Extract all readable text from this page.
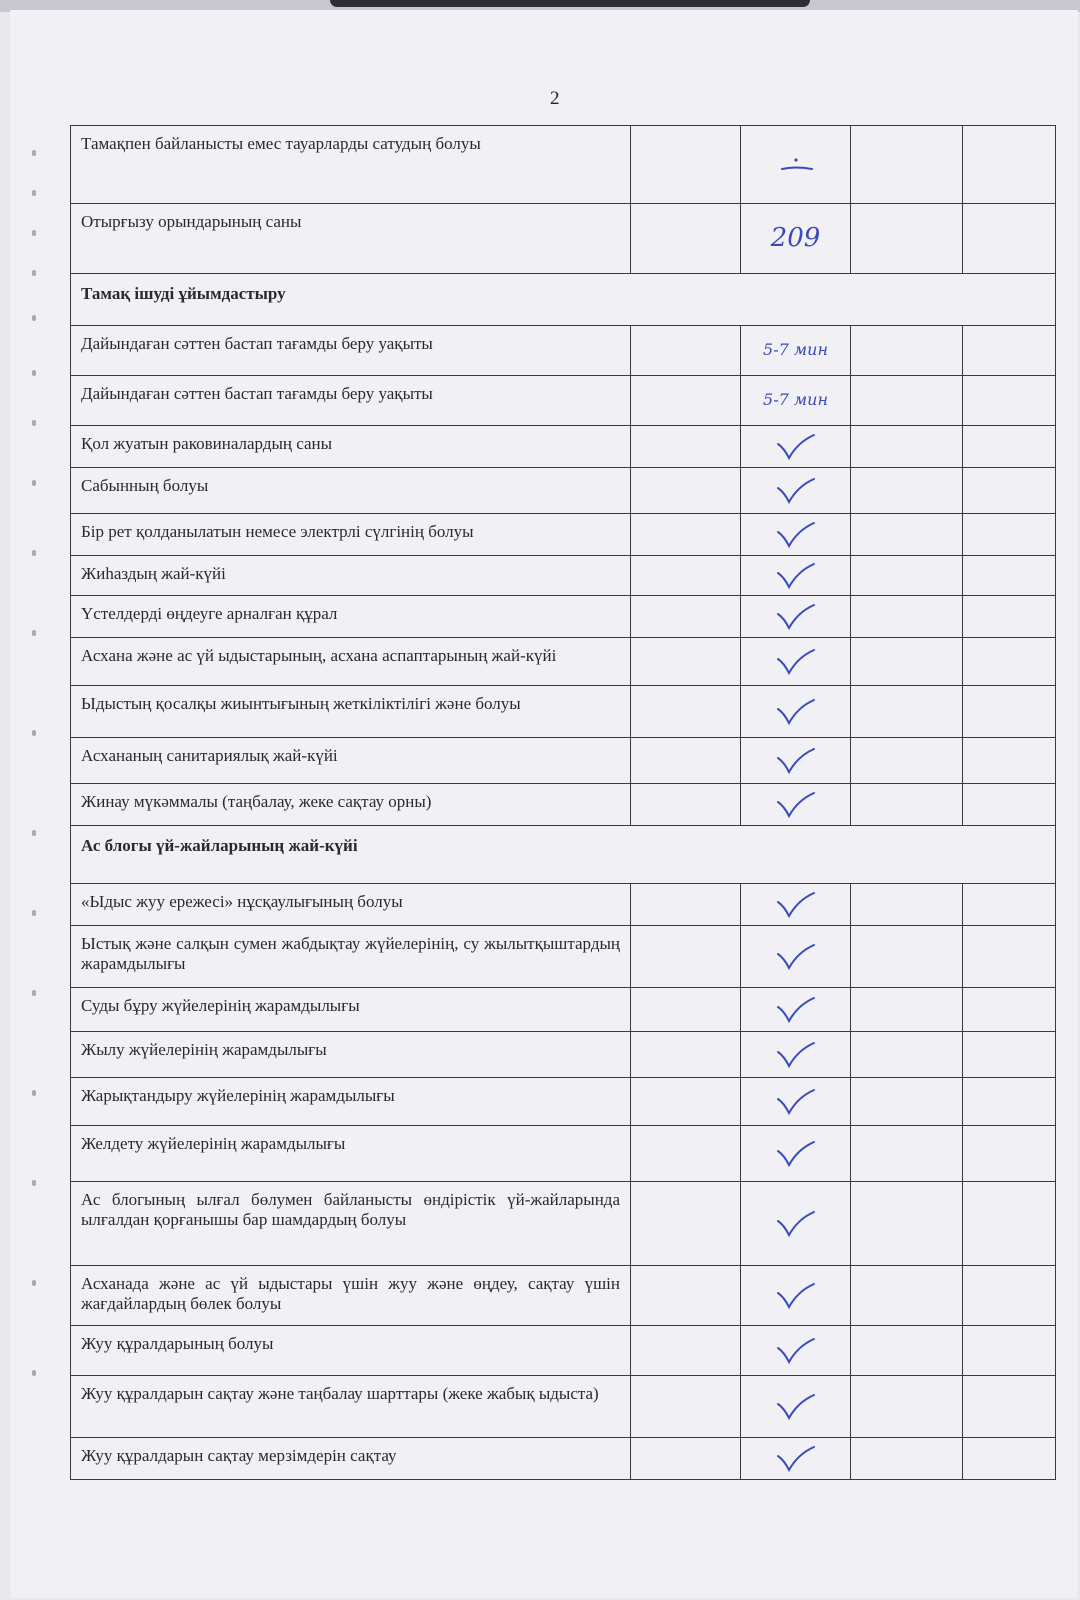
2
Тамақпен байланысты емес тауарларды сатудың болуы		

Отырғызу орындарының саны		209		
Тамақ ішуді ұйымдастыру				
Дайындаған сәттен бастап тағамды беру уақыты		5-7 мин		
Дайындаған сәттен бастап тағамды беру уақыты		5-7 мин		
Қол жуатын раковиналардың саны		

Сабынның болуы		

Бір рет қолданылатын немесе электрлі сүлгінің болуы		

Жиһаздың жай-күйі		

Үстелдерді өңдеуге арналған құрал		

Асхана және ас үй ыдыстарының, асхана аспаптарының жай-күйі		

Ыдыстың қосалқы жиынтығының жеткіліктілігі және болуы		

Асхананың санитариялық жай-күйі		

Жинау мүкәммалы (таңбалау, жеке сақтау орны)		

Ас блогы үй-жайларының жай-күйі				
«Ыдыс жуу ережесі» нұсқаулығының болуы		

Ыстық және салқын сумен жабдықтау жүйелерінің, су жылытқыштардың жарамдылығы		

Суды бұру жүйелерінің жарамдылығы		

Жылу жүйелерінің жарамдылығы		

Жарықтандыру жүйелерінің жарамдылығы		

Желдету жүйелерінің жарамдылығы		

Ас блогының ылғал бөлумен байланысты өндірістік үй-жайларында ылғалдан қорғанышы бар шамдардың болуы		

Асханада және ас үй ыдыстары үшін жуу және өңдеу, сақтау үшін жағдайлардың бөлек болуы		

Жуу құралдарының болуы		

Жуу құралдарын сақтау және таңбалау шарттары (жеке жабық ыдыста)		

Жуу құралдарын сақтау мерзімдерін сақтау		
